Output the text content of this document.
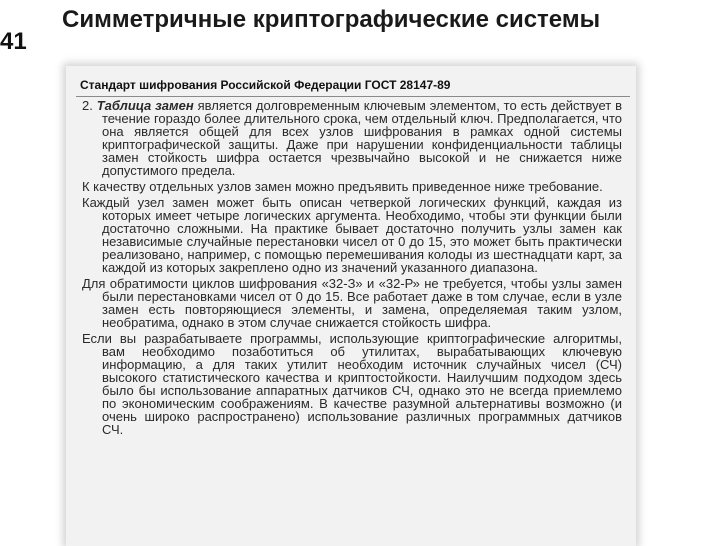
41
Симметричные криптографические системы
Стандарт шифрования Российской Федерации ГОСТ 28147-89

2. Таблица замен является долговременным ключевым элементом, то есть действует в течение гораздо более длительного срока, чем отдельный ключ. Предполагается, что она является общей для всех узлов шифрования в рамках одной системы криптографической защиты. Даже при нарушении конфиденциальности таблицы замен стойкость шифра остается чрезвычайно высокой и не снижается ниже допустимого предела.

К качеству отдельных узлов замен можно предъявить приведенное ниже требование.

Каждый узел замен может быть описан четверкой логических функций, каждая из которых имеет четыре логических аргумента. Необходимо, чтобы эти функции были достаточно сложными. На практике бывает достаточно получить узлы замен как независимые случайные перестановки чисел от 0 до 15, это может быть практически реализовано, например, с помощью перемешивания колоды из шестнадцати карт, за каждой из которых закреплено одно из значений указанного диапазона.

Для обратимости циклов шифрования «32-З» и «32-Р» не требуется, чтобы узлы замен были перестановками чисел от 0 до 15. Все работает даже в том случае, если в узле замен есть повторяющиеся элементы, и замена, определяемая таким узлом, необратима, однако в этом случае снижается стойкость шифра.

Если вы разрабатываете программы, использующие криптографические алгоритмы, вам необходимо позаботиться об утилитах, вырабатывающих ключевую информацию, а для таких утилит необходим источник случайных чисел (СЧ) высокого статистического качества и криптостойкости. Наилучшим подходом здесь было бы использование аппаратных датчиков СЧ, однако это не всегда приемлемо по экономическим соображениям. В качестве разумной альтернативы возможно (и очень широко распространено) использование различных программных датчиков СЧ.
